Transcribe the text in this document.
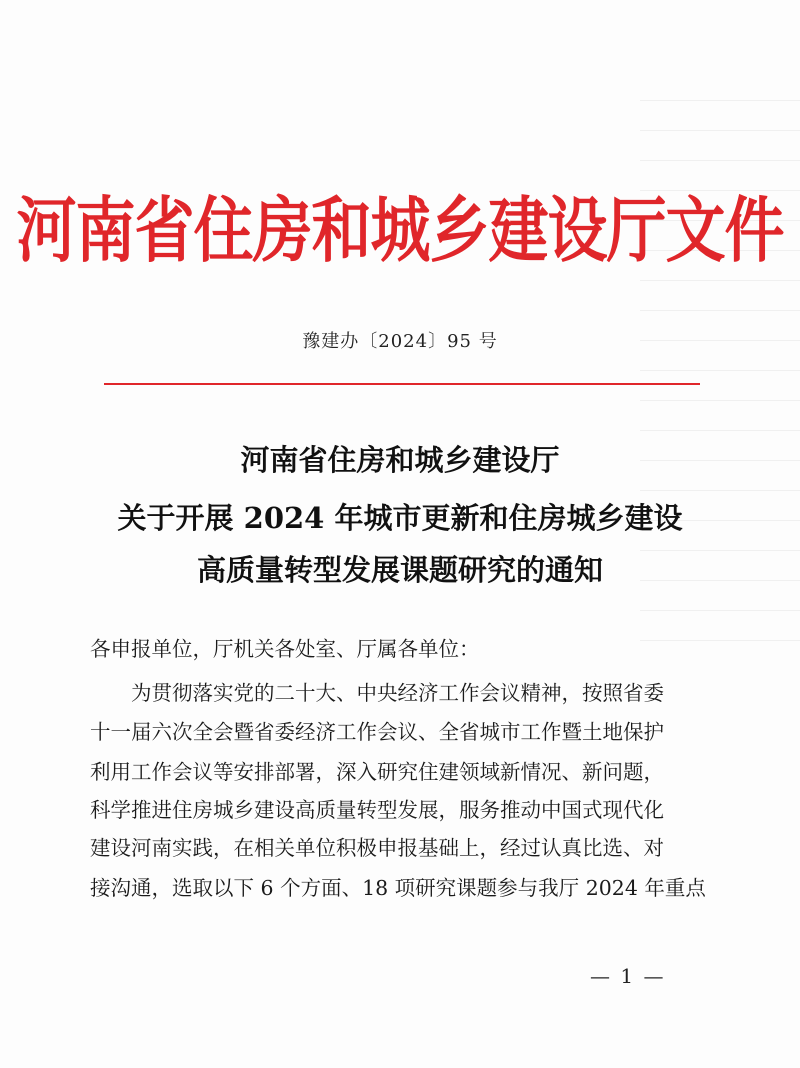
河南省住房和城乡建设厅文件
豫建办〔2024〕95 号
河南省住房和城乡建设厅
关于开展 2024 年城市更新和住房城乡建设
高质量转型发展课题研究的通知
各申报单位，厅机关各处室、厅属各单位：
为贯彻落实党的二十大、中央经济工作会议精神，按照省委
十一届六次全会暨省委经济工作会议、全省城市工作暨土地保护
利用工作会议等安排部署，深入研究住建领域新情况、新问题，
科学推进住房城乡建设高质量转型发展，服务推动中国式现代化
建设河南实践，在相关单位积极申报基础上，经过认真比选、对
接沟通，选取以下 6 个方面、18 项研究课题参与我厅 2024 年重点
— 1 —
